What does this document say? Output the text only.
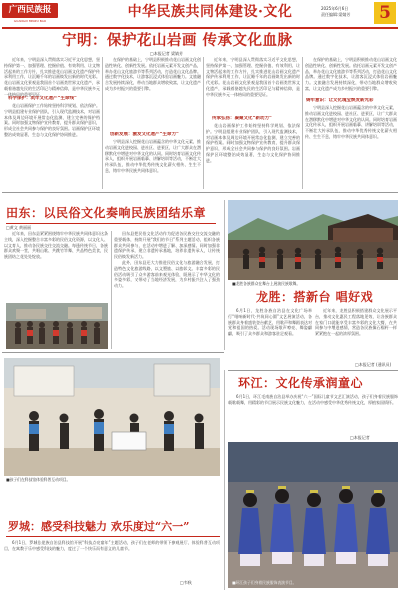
广西民族报
GUANGXI MINZU BAO
中华民族共同体建设·文化	2025年6月6日
责任编辑:梁婧芳	5
宁明：保护花山岩画 传承文化血脉
□本报记者 梁婧芳

近年来，宁明县深入贯彻落实习近平文化思想，坚持保护第一、加强管理、挖掘价值、有效利用、让文物活起来的工作方针，扎实推进花山岩画文化遗产保护传承利用工作，让沉睡千年的岩画焕发出新的时代光彩。花山岩画文化景观是我国首个岩画类世界文化遗产，承载着骆越先民的生活印记与精神信仰，是中华民族多元一体格局的重要见证。

科学保护：筑牢文化遗产“生命线”

花山岩画保护工作始终坚持科学规划、依法保护。宁明县组建专业保护团队，引入现代监测技术，对岩画本体及周边环境开展常态化监测，建立完善的保护档案。同时加强文物保护宣传教育，提升群众保护意识，形成全社会共同参与保护的良好氛围。岩画保护区环境整治成效显著，生态与文化保护协同推进。

在保护的基础上，宁明县积极推动花山岩画文化创造性转化、创新性发展。依托岩画元素开发文创产品，举办花山文化旅游节等系列活动，打造花山文化品牌。通过数字化技术，让游客沉浸式体验岩画魅力。文旅融合发展持续深化，带动当地群众增收致富，让文化遗产成为乡村振兴的重要引擎。

创新发展：激发文化遗产“生命力”

宁明县深入挖掘花山岩画蕴含的中华文化元素，推动岩画文化进校园、进社区、进景区，让广大群众在潜移默化中增进对中华文化的认同。同时培育岩画文化传承人，组织开展岩画临摹、讲解培训等活动，不断壮大传承队伍，推动中华优秀传统文化薪火相传、生生不息，铸牢中华民族共同体意识。

近年来，宁明县深入贯彻落实习近平文化思想，坚持保护第一、加强管理、挖掘价值、有效利用、让文物活起来的工作方针，扎实推进花山岩画文化遗产保护传承利用工作，让沉睡千年的岩画焕发出新的时代光彩。花山岩画文化景观是我国首个岩画类世界文化遗产，承载着骆越先民的生活印记与精神信仰，是中华民族多元一体格局的重要见证。

传承弘扬：凝聚文化“新动力”

花山岩画保护工作始终坚持科学规划、依法保护。宁明县组建专业保护团队，引入现代监测技术，对岩画本体及周边环境开展常态化监测，建立完善的保护档案。同时加强文物保护宣传教育，提升群众保护意识，形成全社会共同参与保护的良好氛围。岩画保护区环境整治成效显著，生态与文化保护协同推进。

在保护的基础上，宁明县积极推动花山岩画文化创造性转化、创新性发展。依托岩画元素开发文创产品，举办花山文化旅游节等系列活动，打造花山文化品牌。通过数字化技术，让游客沉浸式体验岩画魅力。文旅融合发展持续深化，带动当地群众增收致富，让文化遗产成为乡村振兴的重要引擎。

铸牢意识：让文化瑰宝焕发新光彩

宁明县深入挖掘花山岩画蕴含的中华文化元素，推动岩画文化进校园、进社区、进景区，让广大群众在潜移默化中增进对中华文化的认同。同时培育岩画文化传承人，组织开展岩画临摹、讲解培训等活动，不断壮大传承队伍，推动中华优秀传统文化薪火相传、生生不息，铸牢中华民族共同体意识。

田东：以民俗文化奏响民族团结乐章
□黄文 黄丽丽

近年来，田东县紧紧围绕铸牢中华民族共同体意识这条主线，深入挖掘整合丰富多彩的民俗文化资源，以文化人、以文育人，推动各民族交往交流交融。每逢传统节日，各族群众欢聚一堂，共唱山歌、共跳竹竿舞、共品特色美食，民族团结之花处处绽放。

田东县把民俗文化活动作为促进各民族交往交流交融的重要载体，持续开展“我们的节日”系列主题活动，组织各族群众共同参与，在活动中增进了解、加深感情。同时加强非遗保护传承，建立非遗传承基地，培养非遗传承人，让传统民俗焕发新活力。

此外，田东县还大力推进民俗文化与旅游融合发展，打造特色文化旅游线路，以文塑旅、以旅彰文。丰富多彩的民俗活动吸引了众多游客前来观光体验，既展示了中华文化的多姿多彩，又带动了当地经济发展，为乡村振兴注入了强劲动力。	■龙胜各族群众在舞台上展演民族歌舞。
龙胜：搭新台 唱好戏

6月1日，龙胜各族自治县在文化广场举行“唱响新时代·共筑同心圆”文艺展演活动，各族群众身着盛装登台献艺，用歌声和舞蹈表达对党和祖国的热爱。活动现场歌声嘹亮、舞姿翩翩，吸引了众多群众和游客驻足观看。

近年来，龙胜县积极搭建群众文化展示平台，推动文化惠民工程落地见效，让各族群众在家门口就能享受丰富多彩的文化大餐，在共同参与中增进感情，营造各民族像石榴籽一样紧紧抱在一起的浓厚氛围。

□本报记者 (通讯员)
环江：文化传承润童心

6月1日，环江毛南族自治县举办庆祝“六一”国际儿童节文艺汇演活动，孩子们身着民族服饰载歌载舞，用精彩的节目展示民族文化魅力，在活动中感受中华优秀传统文化，厚植家国情怀。

□本报记者
■环江孩子们身着民族服饰表演节目。
■孩子们在科技馆体验科普互动项目。
罗城：感受科技魅力 欢乐度过“六一”

6月1日，罗城仫佬族自治县科技馆开展“科技点亮童年”主题活动，孩子们在老师的带领下参观展厅、体验科普互动项目，在寓教于乐中感受科技的魅力，度过了一个快乐而有意义的儿童节。

□韦秋
